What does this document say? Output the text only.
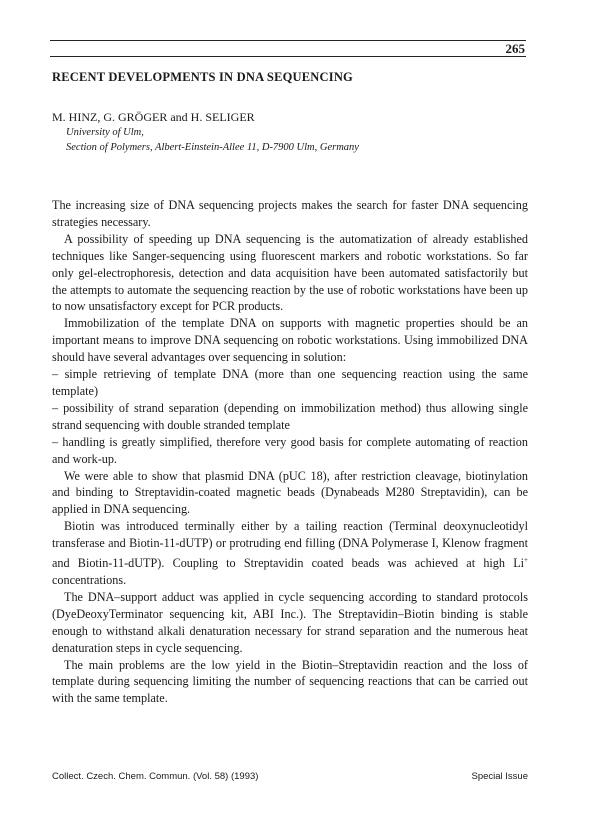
265
RECENT DEVELOPMENTS IN DNA SEQUENCING
M. HINZ, G. GRÖGER and H. SELIGER
University of Ulm,
Section of Polymers, Albert-Einstein-Allee 11, D-7900 Ulm, Germany

The increasing size of DNA sequencing projects makes the search for faster DNA sequencing strategies necessary.

A possibility of speeding up DNA sequencing is the automatization of already established techniques like Sanger-sequencing using fluorescent markers and robotic workstations. So far only gel-electrophoresis, detection and data acquisition have been automated satisfactorily but the attempts to automate the sequencing reaction by the use of robotic workstations have been up to now unsatisfactory except for PCR products.

Immobilization of the template DNA on supports with magnetic properties should be an important means to improve DNA sequencing on robotic workstations. Using immobilized DNA should have several advantages over sequencing in solution:

– simple retrieving of template DNA (more than one sequencing reaction using the same template)

– possibility of strand separation (depending on immobilization method) thus allowing single strand sequencing with double stranded template

– handling is greatly simplified, therefore very good basis for complete automating of reaction and work-up.

We were able to show that plasmid DNA (pUC 18), after restriction cleavage, biotinylation and binding to Streptavidin-coated magnetic beads (Dynabeads M280 Streptavidin), can be applied in DNA sequencing.

Biotin was introduced terminally either by a tailing reaction (Terminal deoxynucleotidyl transferase and Biotin-11-dUTP) or protruding end filling (DNA Polymerase I, Klenow fragment and Biotin-11-dUTP). Coupling to Streptavidin coated beads was achieved at high Li+ concentrations.

The DNA–support adduct was applied in cycle sequencing according to standard protocols (DyeDeoxyTerminator sequencing kit, ABI Inc.). The Streptavidin–Biotin binding is stable enough to withstand alkali denaturation necessary for strand separation and the numerous heat denaturation steps in cycle sequencing.

The main problems are the low yield in the Biotin–Streptavidin reaction and the loss of template during sequencing limiting the number of sequencing reactions that can be carried out with the same template.

Collect. Czech. Chem. Commun. (Vol. 58) (1993)	Special Issue
